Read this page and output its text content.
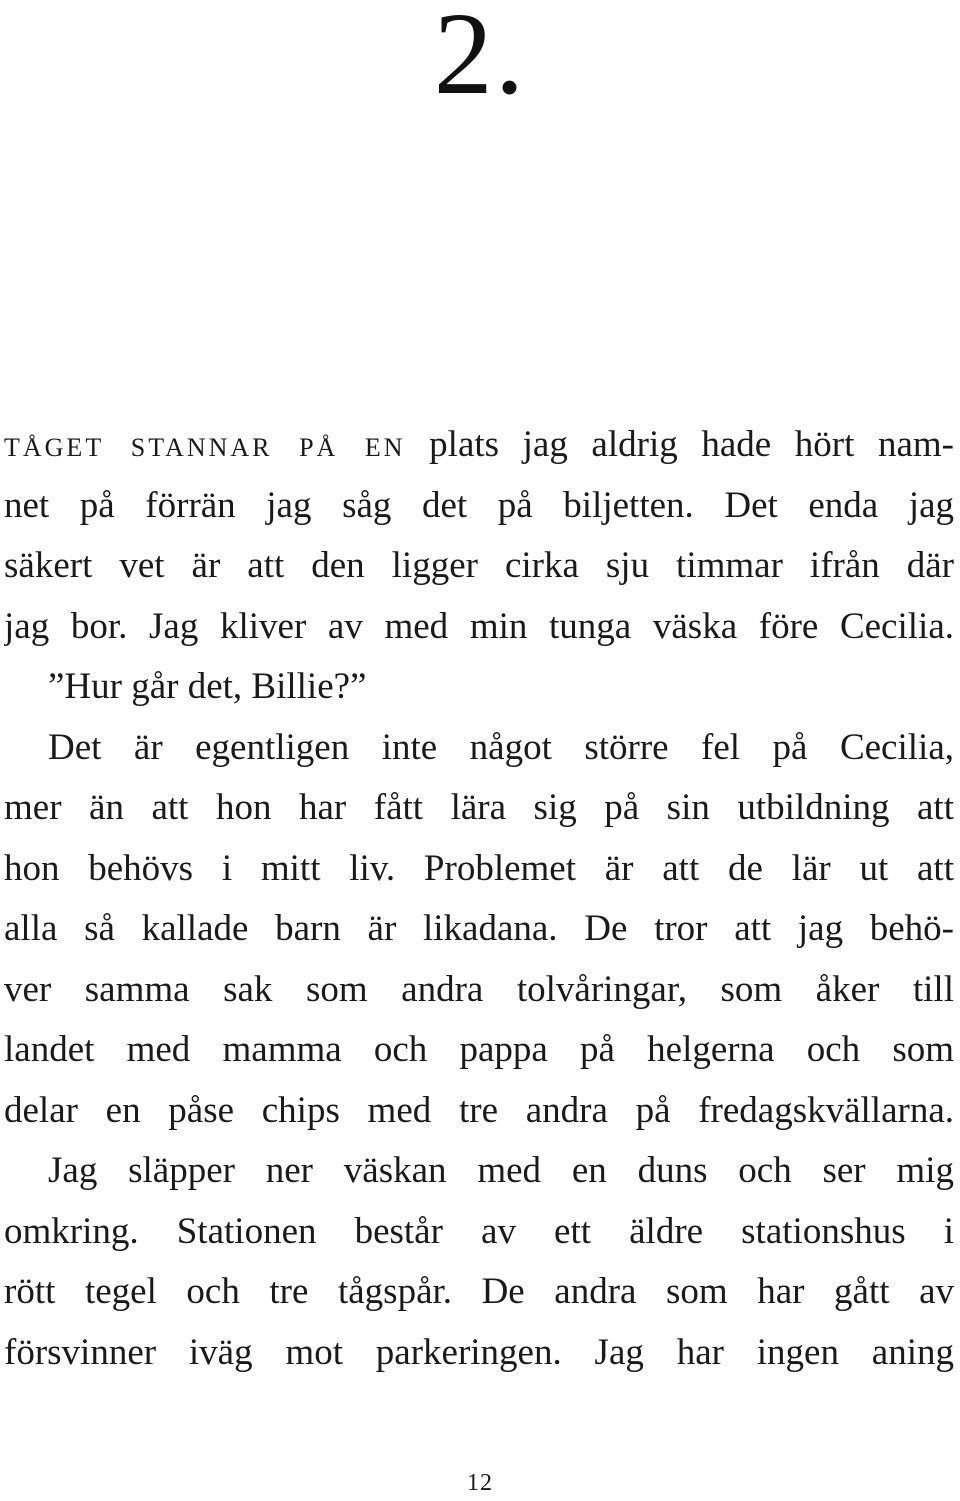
2.
tåget stannar på en plats jag aldrig hade hört nam-
net på förrän jag såg det på biljetten. Det enda jag
säkert vet är att den ligger cirka sju timmar ifrån där
jag bor. Jag kliver av med min tunga väska före Cecilia.
”Hur går det, Billie?”
Det är egentligen inte något större fel på Cecilia,
mer än att hon har fått lära sig på sin utbildning att
hon behövs i mitt liv. Problemet är att de lär ut att
alla så kallade barn är likadana. De tror att jag behö-
ver samma sak som andra tolvåringar, som åker till
landet med mamma och pappa på helgerna och som
delar en påse chips med tre andra på fredagskvällarna.
Jag släpper ner väskan med en duns och ser mig
omkring. Stationen består av ett äldre stationshus i
rött tegel och tre tågspår. De andra som har gått av
försvinner iväg mot parkeringen. Jag har ingen aning
12
